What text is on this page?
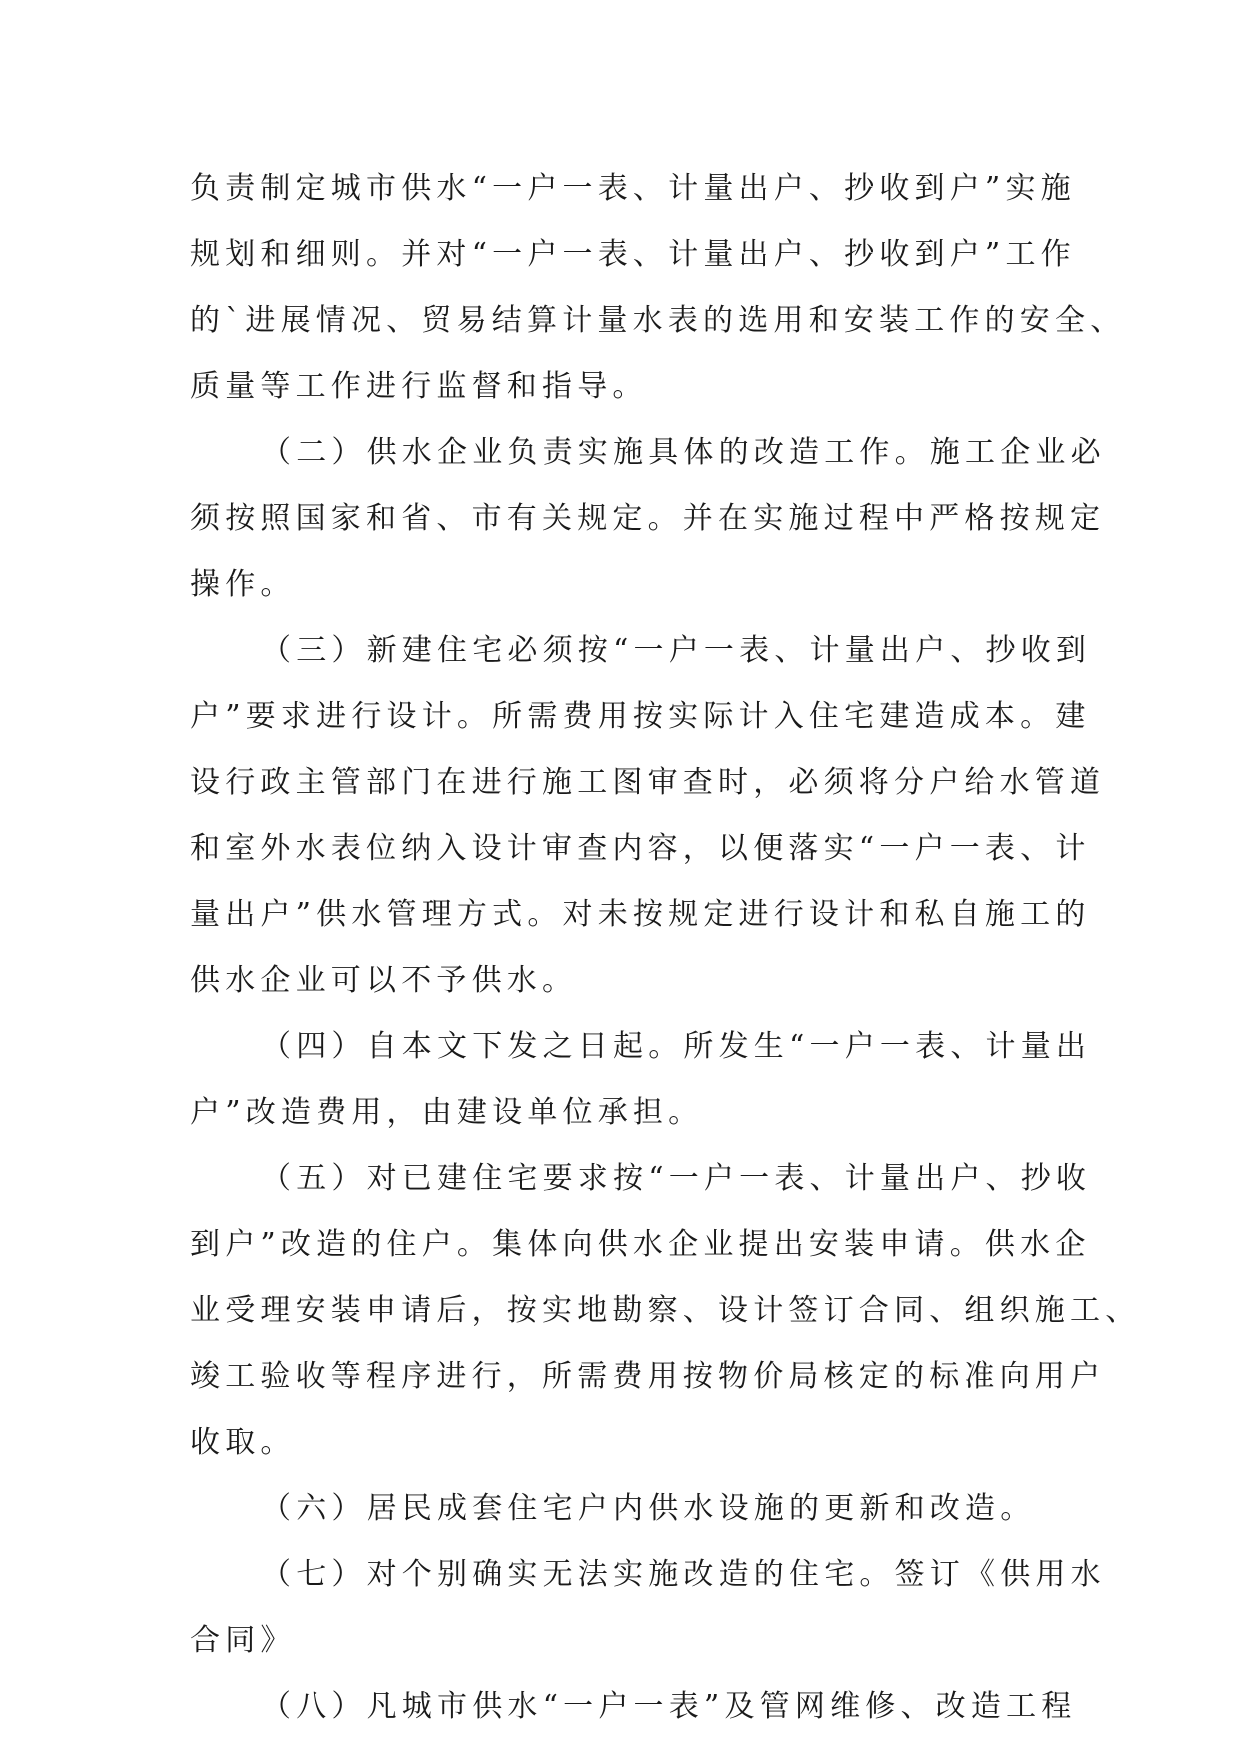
负责制定城市供水“一户一表、计量出户、抄收到户”实施
规划和细则。并对“一户一表、计量出户、抄收到户”工作
的`进展情况、贸易结算计量水表的选用和安装工作的安全、
质量等工作进行监督和指导。
（二）供水企业负责实施具体的改造工作。施工企业必
须按照国家和省、市有关规定。并在实施过程中严格按规定
操作。
（三）新建住宅必须按“一户一表、计量出户、抄收到
户”要求进行设计。所需费用按实际计入住宅建造成本。建
设行政主管部门在进行施工图审查时，必须将分户给水管道
和室外水表位纳入设计审查内容，以便落实“一户一表、计
量出户”供水管理方式。对未按规定进行设计和私自施工的
供水企业可以不予供水。
（四）自本文下发之日起。所发生“一户一表、计量出
户”改造费用，由建设单位承担。
（五）对已建住宅要求按“一户一表、计量出户、抄收
到户”改造的住户。集体向供水企业提出安装申请。供水企
业受理安装申请后，按实地勘察、设计签订合同、组织施工、
竣工验收等程序进行，所需费用按物价局核定的标准向用户
收取。
（六）居民成套住宅户内供水设施的更新和改造。
（七）对个别确实无法实施改造的住宅。签订《供用水
合同》
（八）凡城市供水“一户一表”及管网维修、改造工程
